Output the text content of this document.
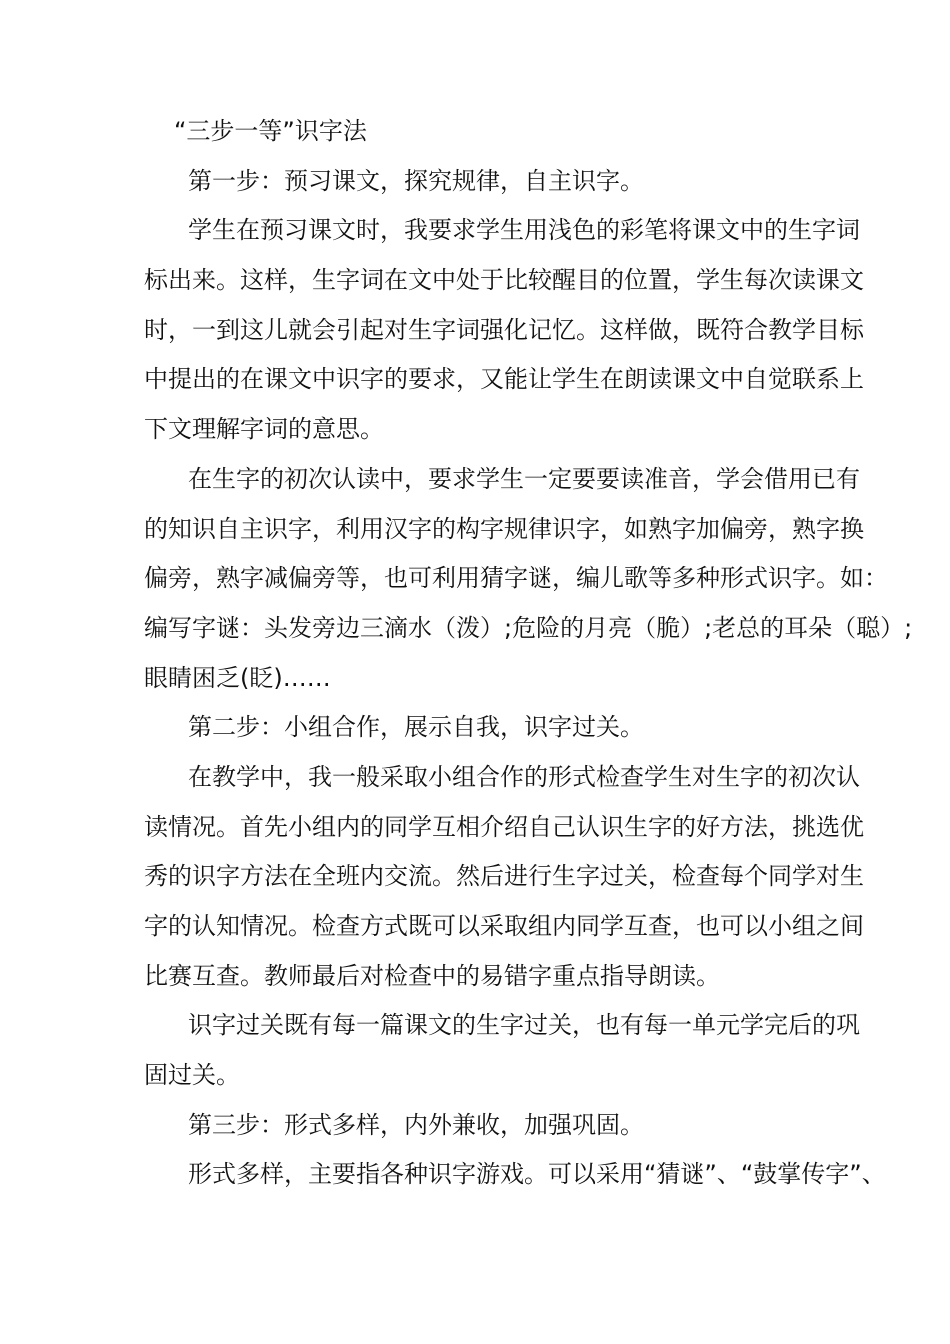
“三步一等”识字法
第一步：预习课文，探究规律，自主识字。
学生在预习课文时，我要求学生用浅色的彩笔将课文中的生字词
标出来。这样，生字词在文中处于比较醒目的位置，学生每次读课文
时，一到这儿就会引起对生字词强化记忆。这样做，既符合教学目标
中提出的在课文中识字的要求，又能让学生在朗读课文中自觉联系上
下文理解字词的意思。
在生字的初次认读中，要求学生一定要要读准音，学会借用已有
的知识自主识字，利用汉字的构字规律识字，如熟字加偏旁，熟字换
偏旁，熟字减偏旁等，也可利用猜字谜，编儿歌等多种形式识字。如：
编写字谜：头发旁边三滴水（泼）;危险的月亮（脆）;老总的耳朵（聪）;
眼睛困乏(眨)……
第二步：小组合作，展示自我，识字过关。
在教学中，我一般采取小组合作的形式检查学生对生字的初次认
读情况。首先小组内的同学互相介绍自己认识生字的好方法，挑选优
秀的识字方法在全班内交流。然后进行生字过关，检查每个同学对生
字的认知情况。检查方式既可以采取组内同学互查，也可以小组之间
比赛互查。教师最后对检查中的易错字重点指导朗读。
识字过关既有每一篇课文的生字过关，也有每一单元学完后的巩
固过关。
第三步：形式多样，内外兼收，加强巩固。
形式多样，主要指各种识字游戏。可以采用“猜谜”、“鼓掌传字”、
